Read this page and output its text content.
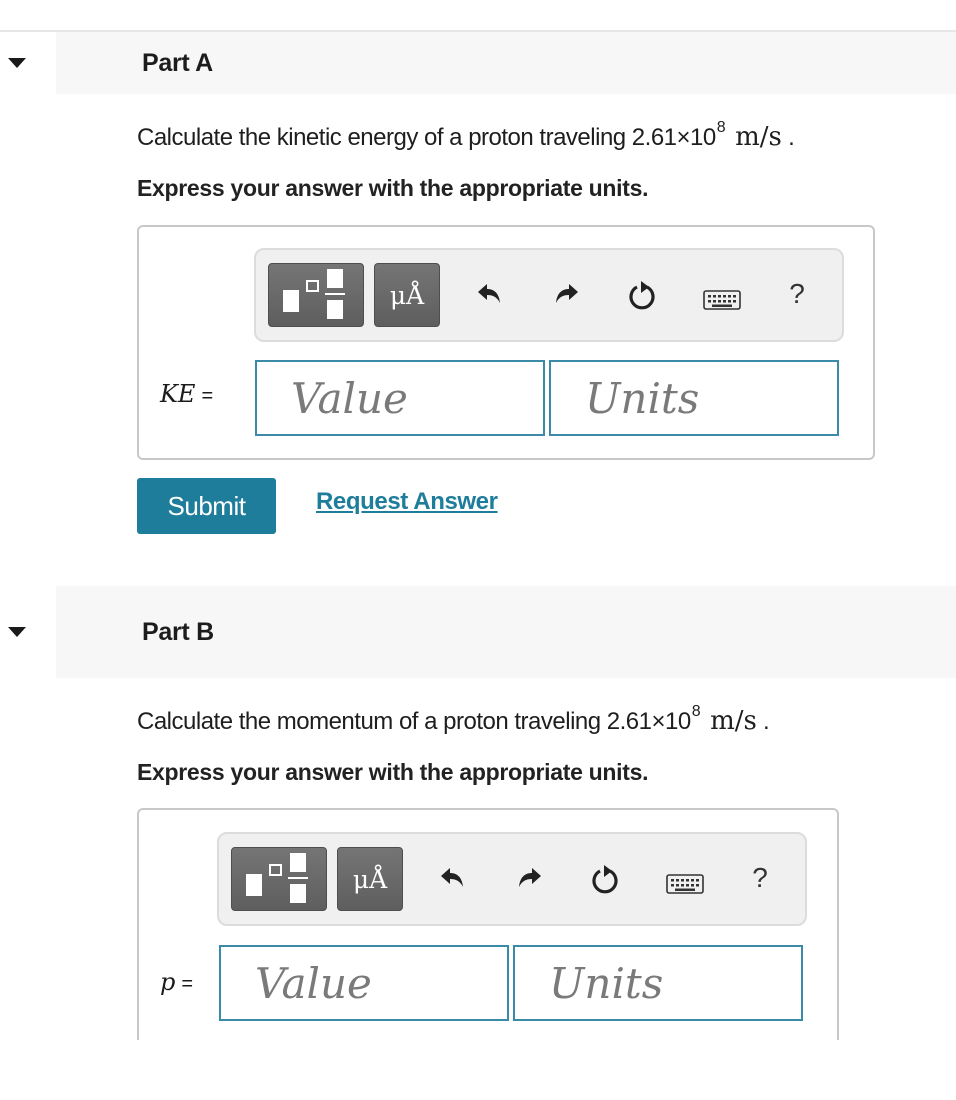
Part A
Calculate the kinetic energy of a proton traveling $2.61\times 10^8$ m/s .
Express your answer with the appropriate units.
μÅ	?
KE =
Value
Units
Submit	Request Answer
Part B
Calculate the momentum of a proton traveling $2.61\times 10^8$ m/s .
Express your answer with the appropriate units.
μÅ	?
p =
Value
Units
